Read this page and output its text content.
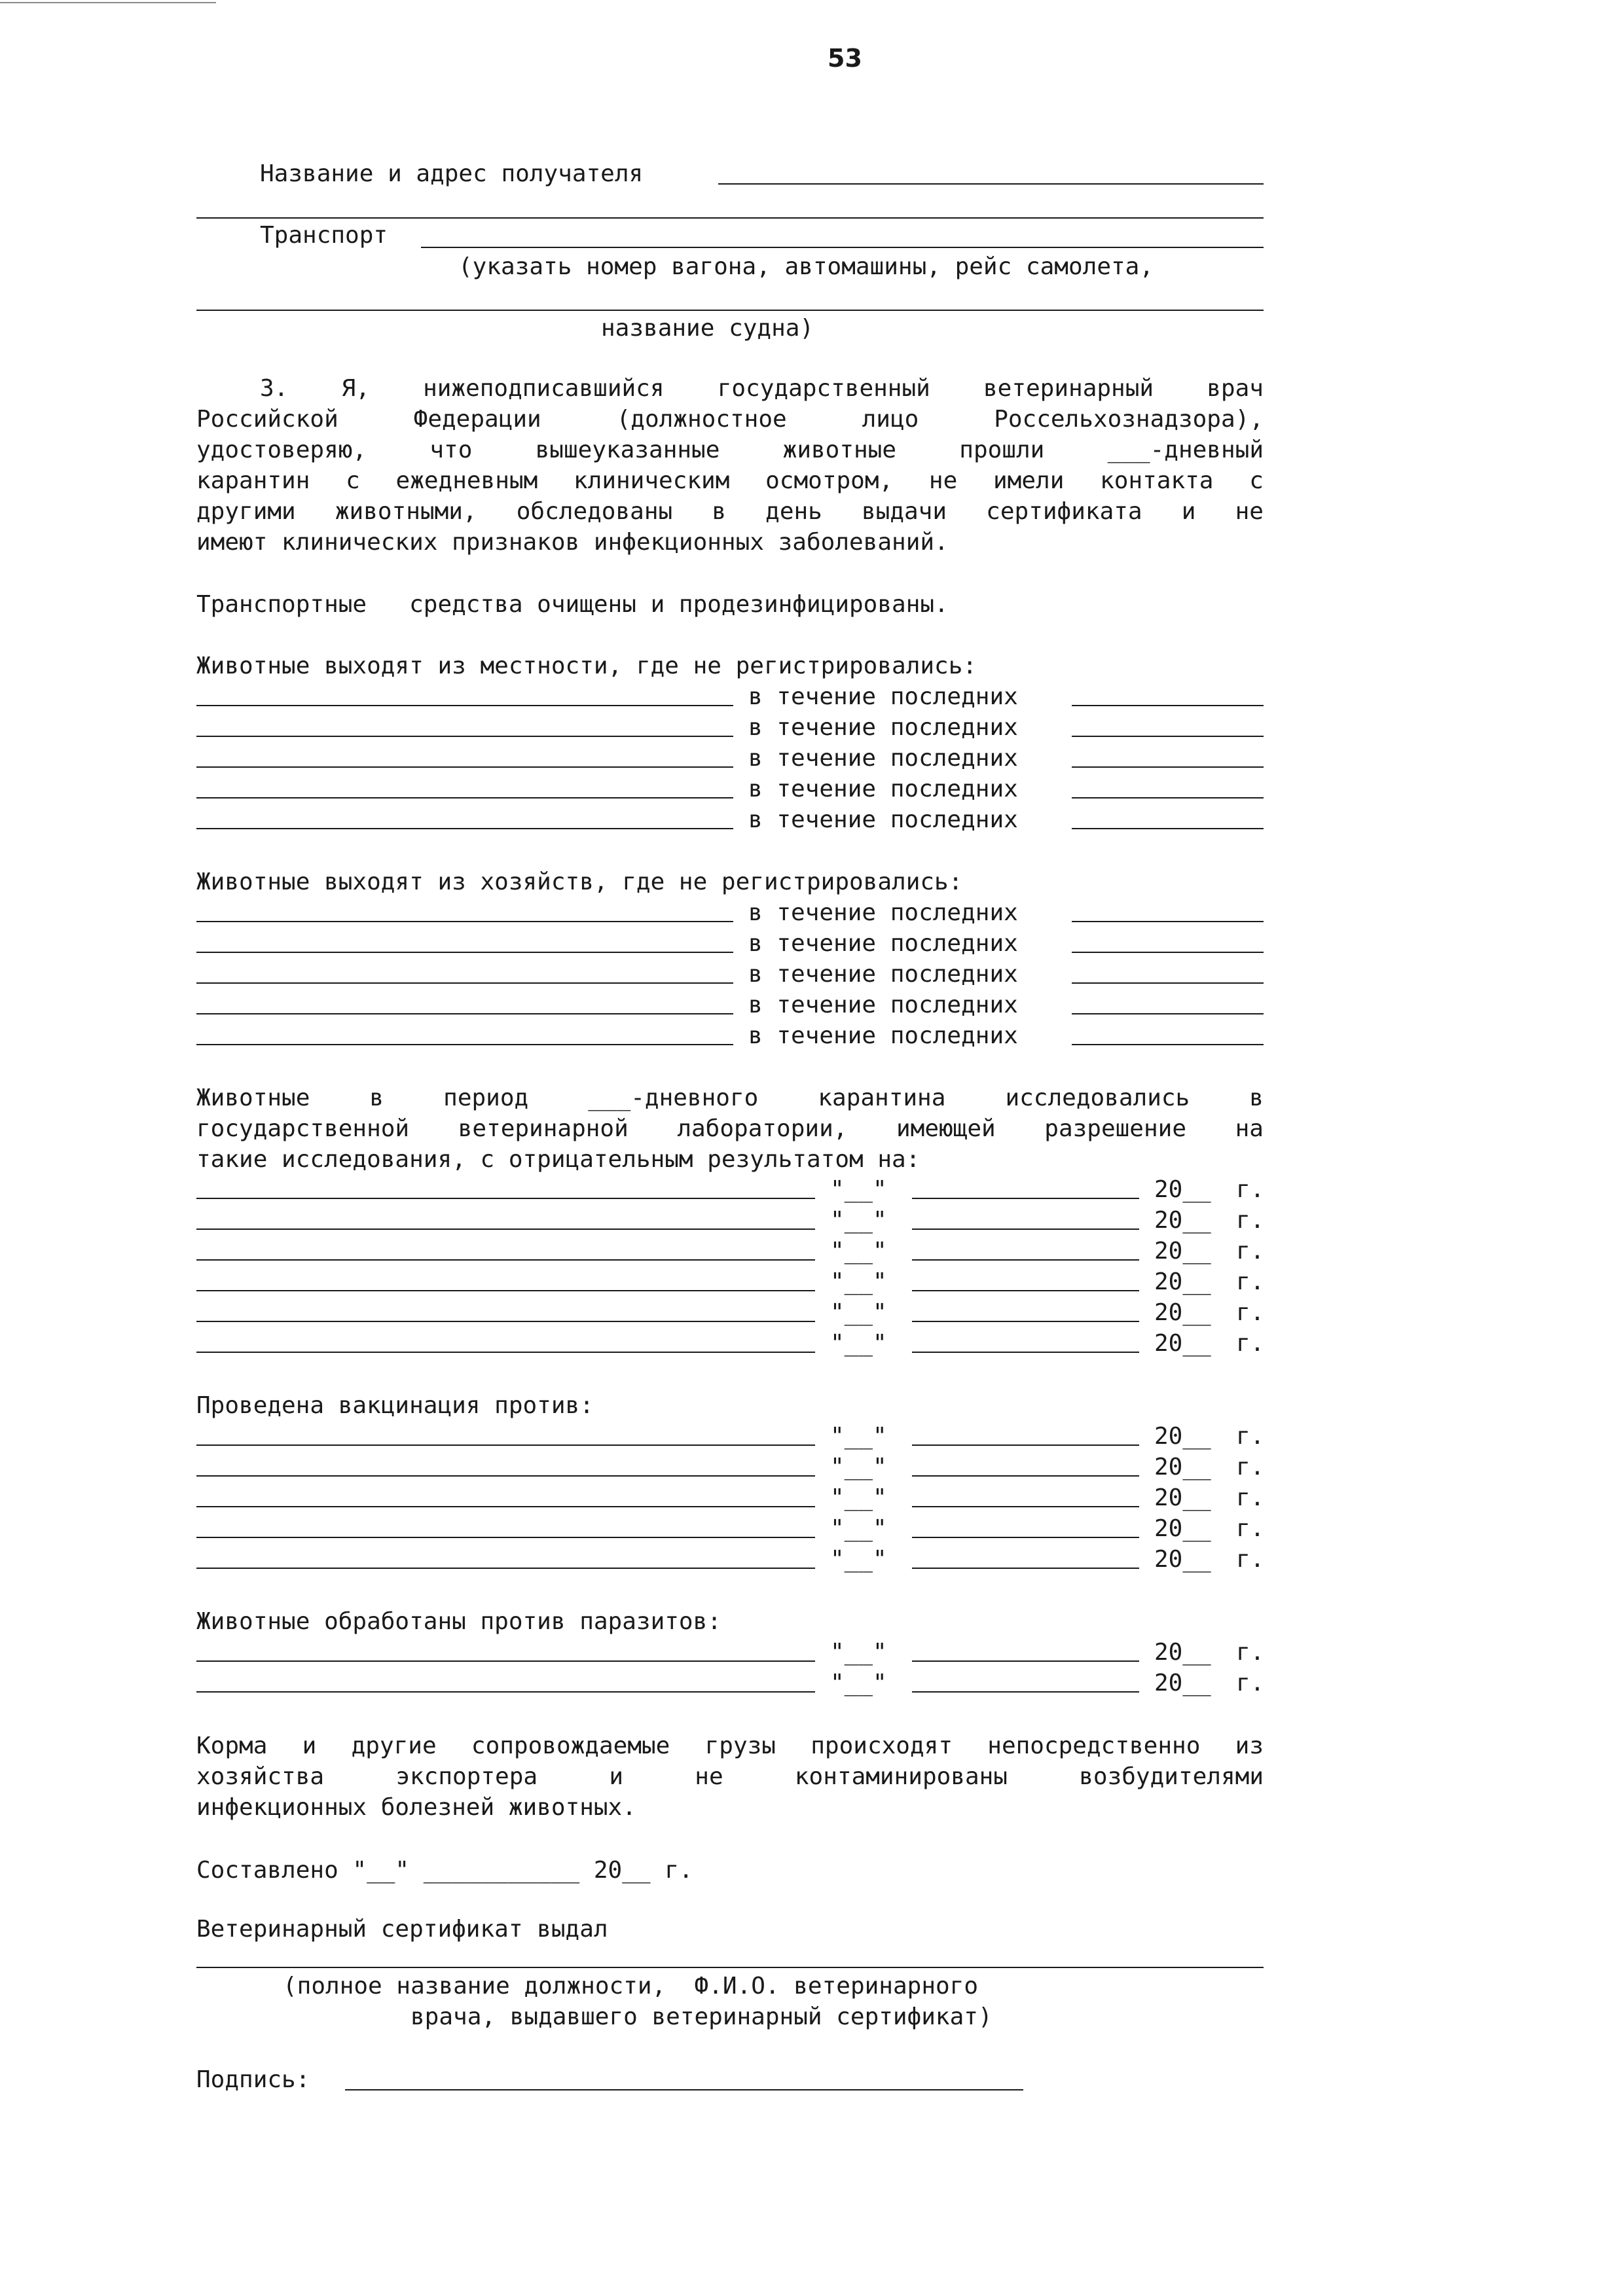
53
Название и адрес получателя
Транспорт
(указать номер вагона, автомашины, рейс самолета,
название судна)
3. Я, нижеподписавшийся государственный ветеринарный врач
Российской	Федерации	(должностное	лицо	Россельхознадзора),
удостоверяю,	что	вышеуказанные	животные	прошли	___-дневный
карантин с ежедневным клиническим осмотром, не имели контакта с
другими животными, обследованы в день выдачи сертификата и не
имеют клинических признаков инфекционных заболеваний.
Транспортные   средства очищены и продезинфицированы.
Животные выходят из местности, где не регистрировались:
в течение последних
в течение последних
в течение последних
в течение последних
в течение последних
Животные выходят из хозяйств, где не регистрировались:
в течение последних
в течение последних
в течение последних
в течение последних
в течение последних
Животные	в	период	___-дневного	карантина	исследовались	в
государственной ветеринарной лаборатории, имеющей разрешение на
такие исследования, с отрицательным результатом на:
"__"	20__ г.
"__"	20__ г.
"__"	20__ г.
"__"	20__ г.
"__"	20__ г.
"__"	20__ г.
Проведена вакцинация против:
"__"	20__ г.
"__"	20__ г.
"__"	20__ г.
"__"	20__ г.
"__"	20__ г.
Животные обработаны против паразитов:
"__"	20__ г.
"__"	20__ г.
Корма и другие сопровождаемые грузы происходят непосредственно из
хозяйства	экспортера	и	не	контаминированы	возбудителями
инфекционных болезней животных.
Составлено "__" ___________ 20__ г.
Ветеринарный сертификат выдал
(полное название должности,  Ф.И.О. ветеринарного
врача, выдавшего ветеринарный сертификат)
Подпись:
